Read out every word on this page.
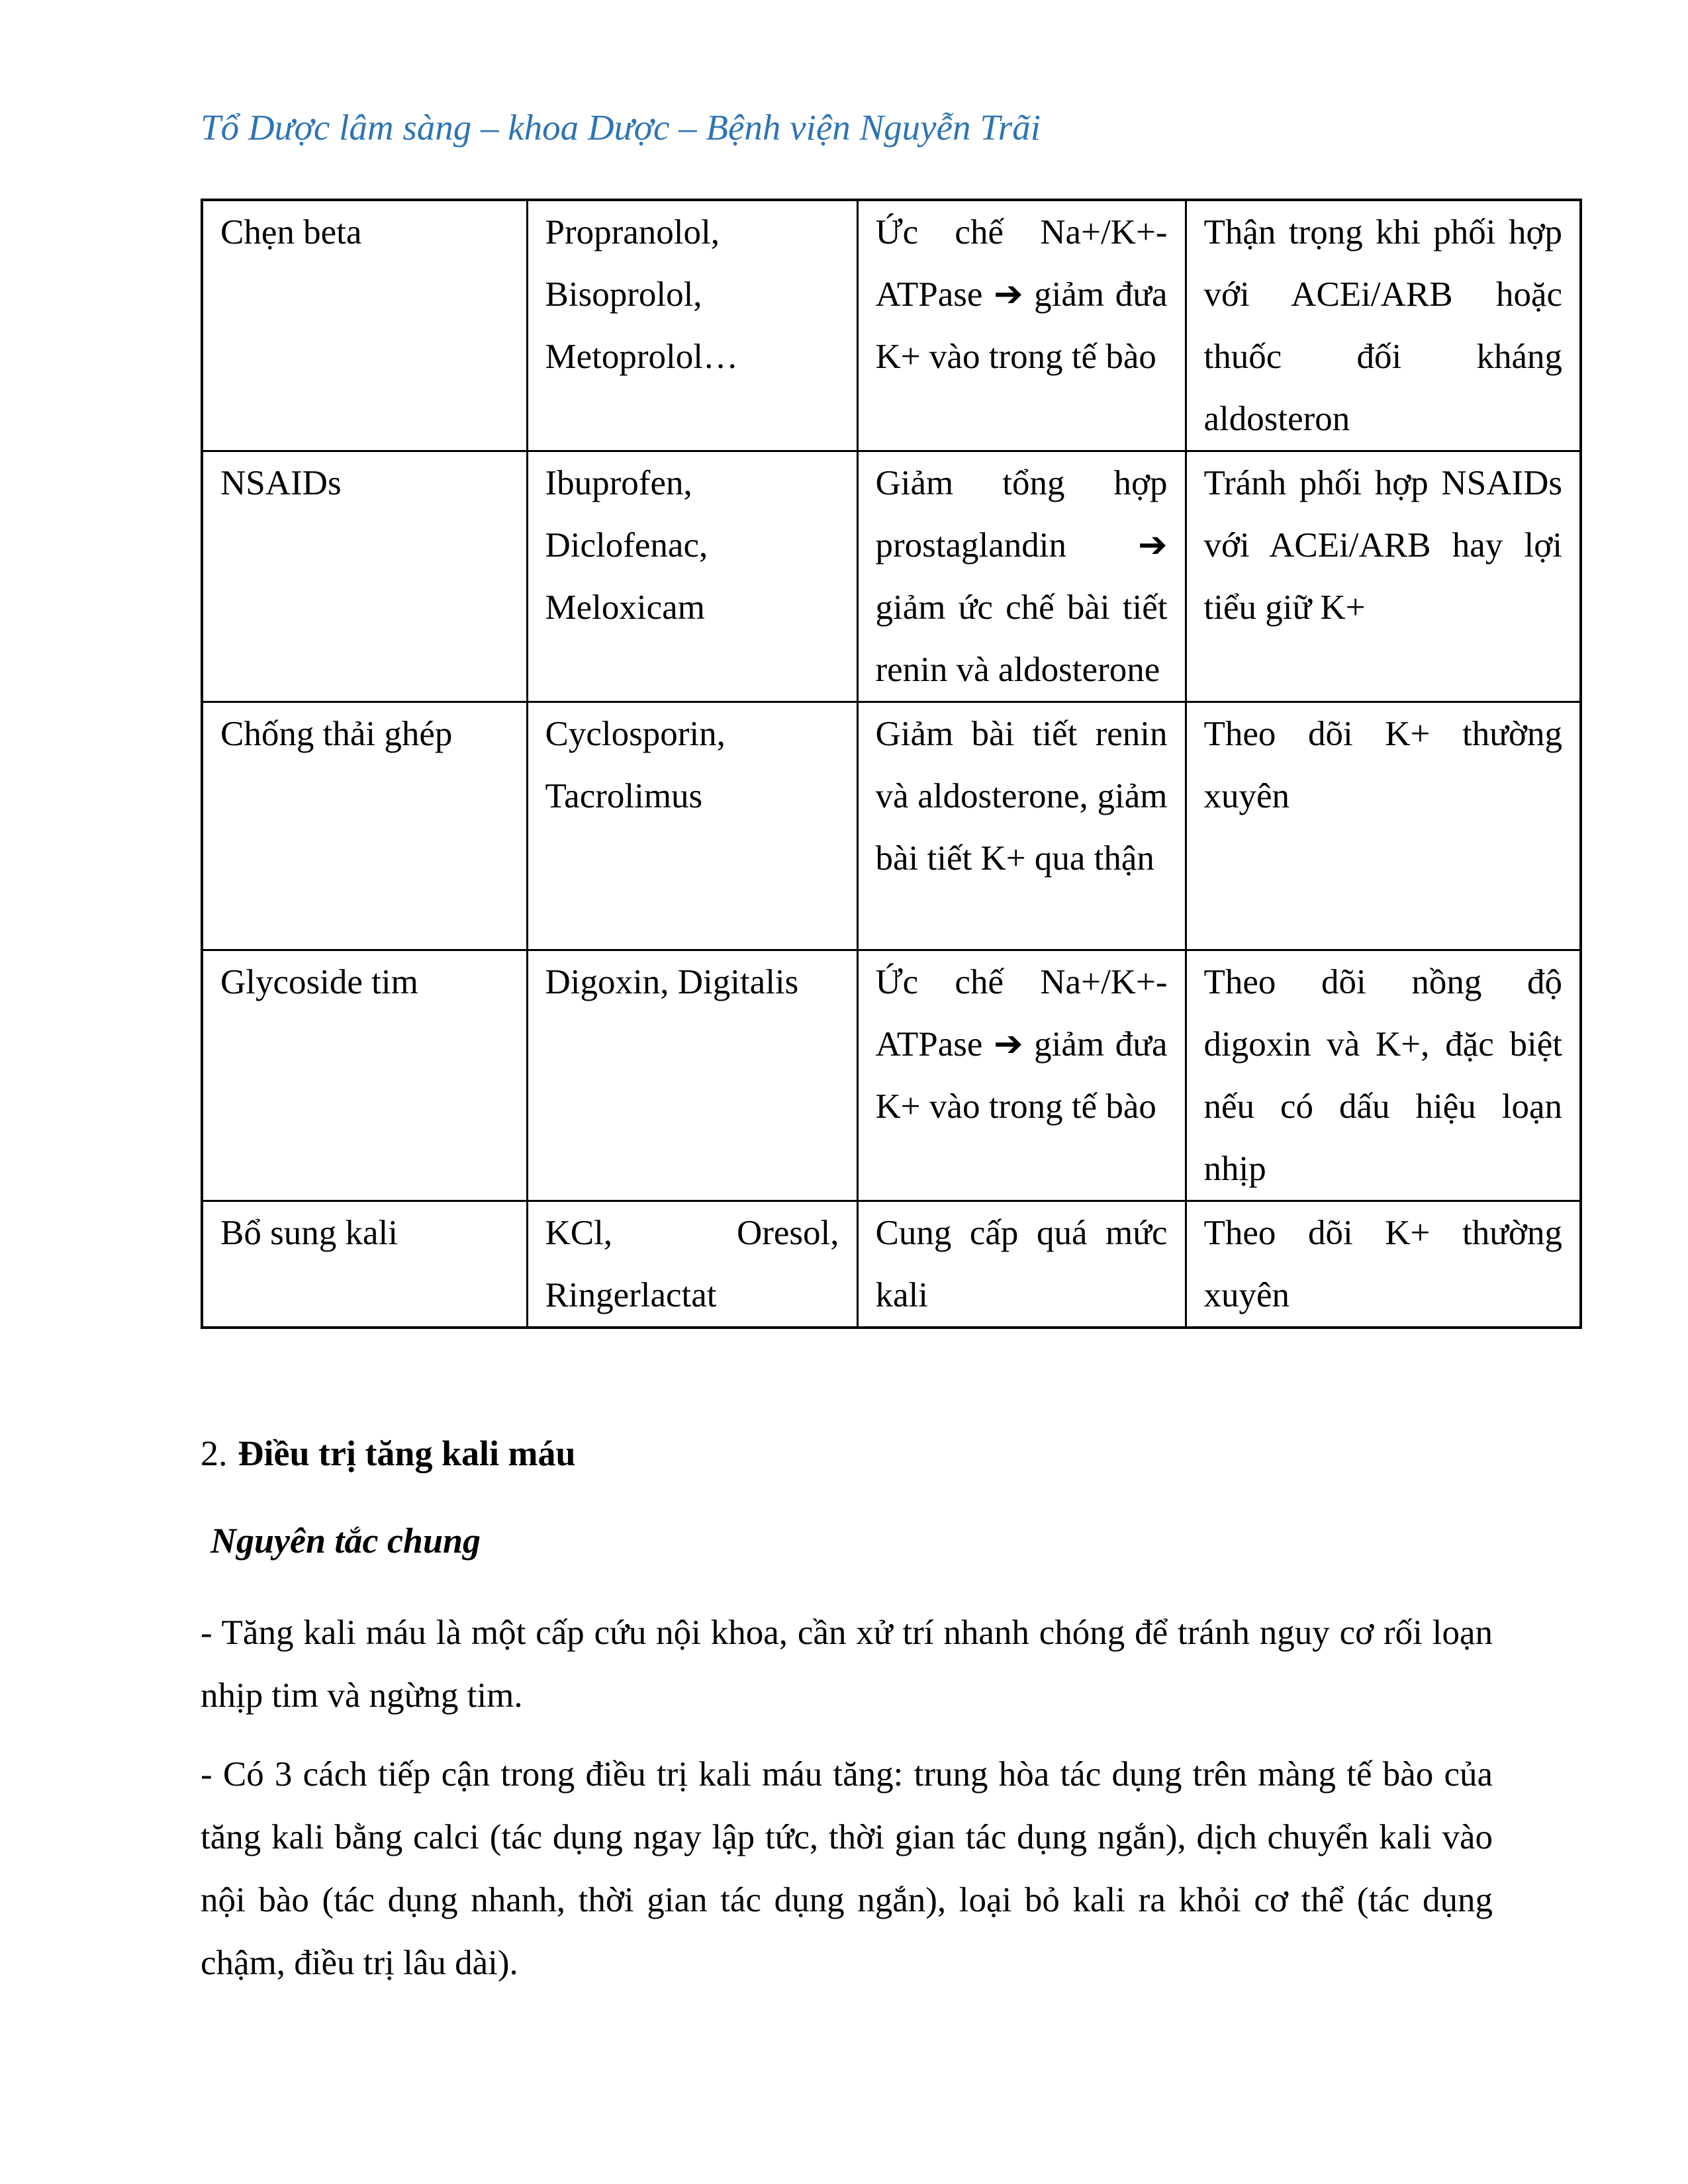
Tổ Dược lâm sàng – khoa Dược – Bệnh viện Nguyễn Trãi
Chẹn beta	Propranolol, Bisoprolol, Metoprolol…	Ức chế Na+/K+-ATPase ➔ giảm đưa K+ vào trong tế bào	Thận trọng khi phối hợp với ACEi/ARB hoặc thuốc đối kháng aldosteron
NSAIDs	Ibuprofen, Diclofenac, Meloxicam	Giảm tổng hợp prostaglandin ➔ giảm ức chế bài tiết renin và aldosterone	Tránh phối hợp NSAIDs với ACEi/ARB hay lợi tiểu giữ K+
Chống thải ghép	Cyclosporin, Tacrolimus	Giảm bài tiết renin và aldosterone, giảm bài tiết K+ qua thận	Theo dõi K+ thường xuyên
Glycoside tim	Digoxin, Digitalis	Ức chế Na+/K+-ATPase ➔ giảm đưa K+ vào trong tế bào	Theo dõi nồng độ digoxin và K+, đặc biệt nếu có dấu hiệu loạn nhịp
Bổ sung kali	KCl, Oresol, Ringerlactat	Cung cấp quá mức kali	Theo dõi K+ thường xuyên
2. Điều trị tăng kali máu
Nguyên tắc chung
- Tăng kali máu là một cấp cứu nội khoa, cần xử trí nhanh chóng để tránh nguy cơ rối loạn nhịp tim và ngừng tim.
- Có 3 cách tiếp cận trong điều trị kali máu tăng: trung hòa tác dụng trên màng tế bào của tăng kali bằng calci (tác dụng ngay lập tức, thời gian tác dụng ngắn), dịch chuyển kali vào nội bào (tác dụng nhanh, thời gian tác dụng ngắn), loại bỏ kali ra khỏi cơ thể (tác dụng chậm, điều trị lâu dài).
